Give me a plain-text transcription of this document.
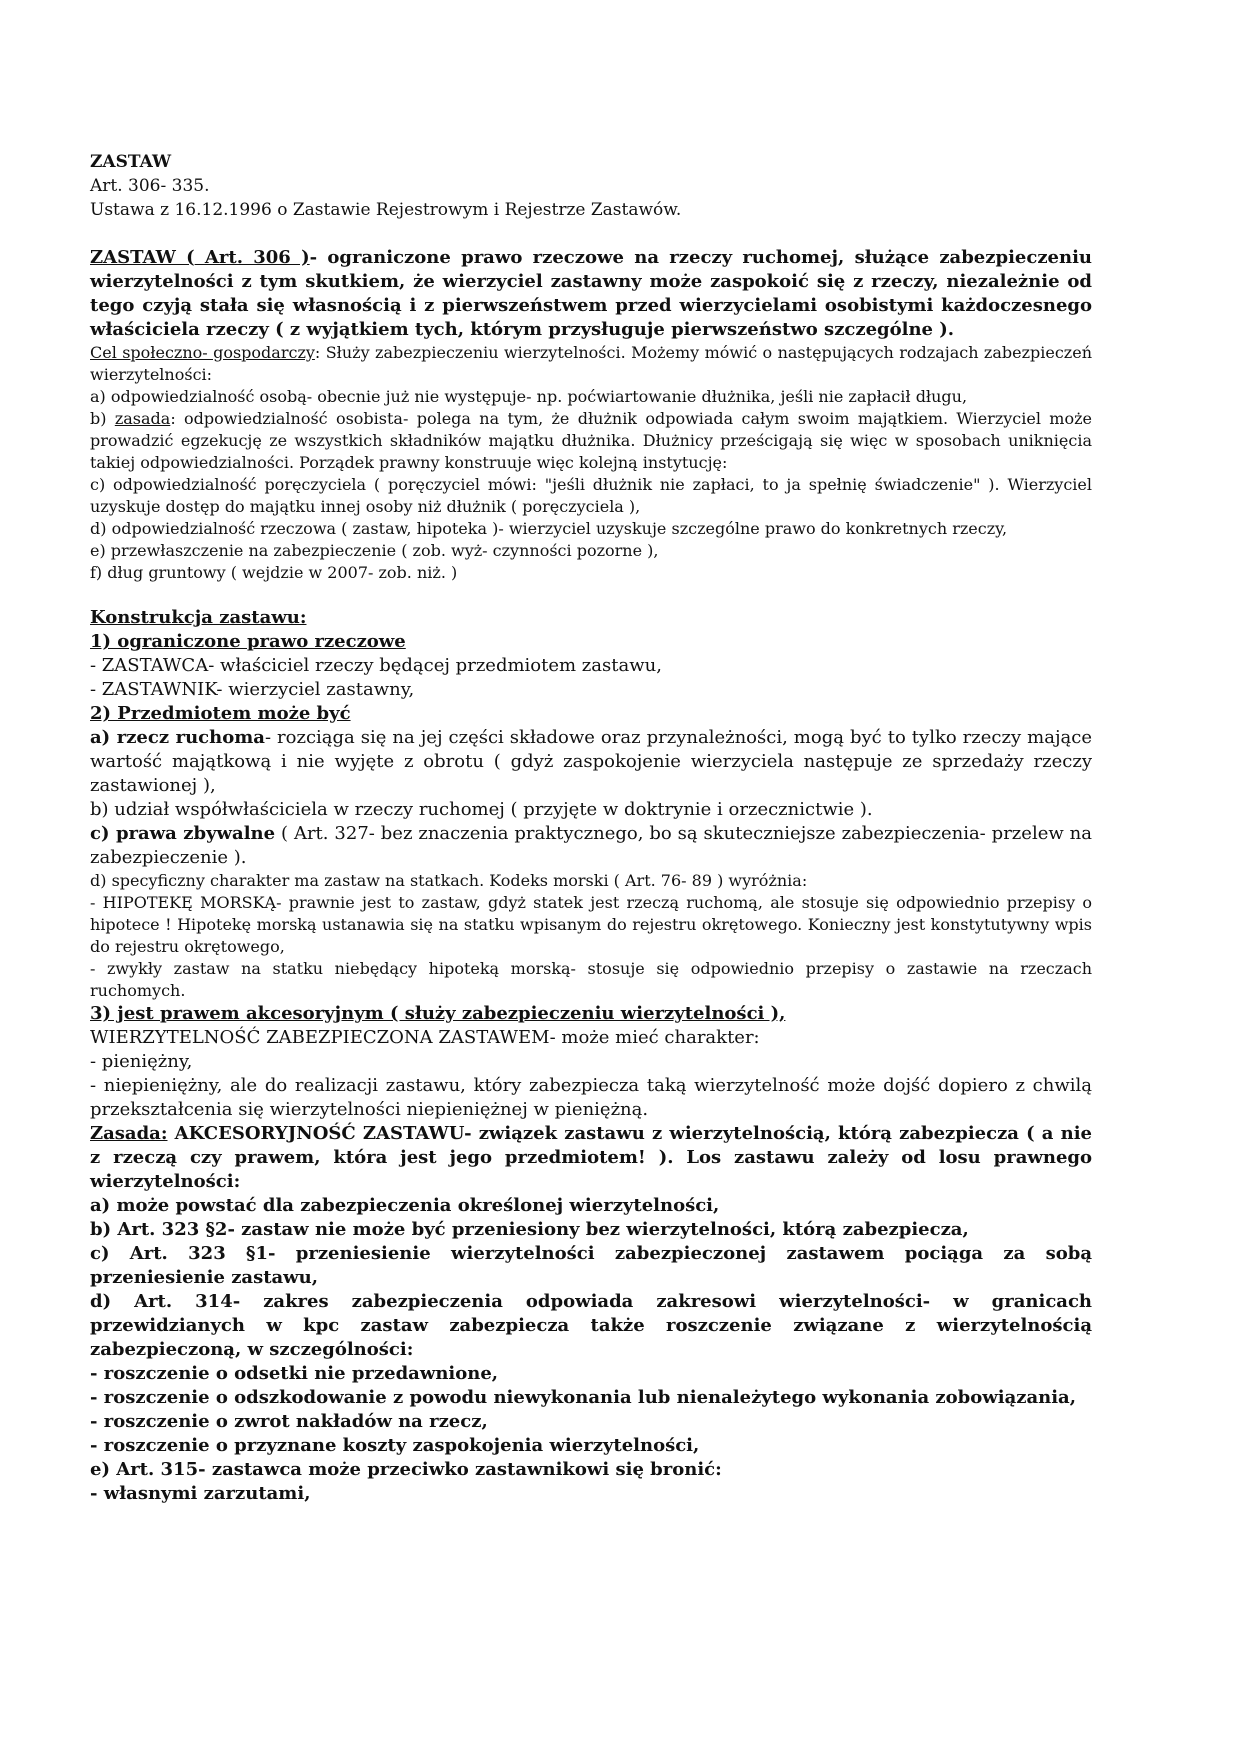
ZASTAW

Art. 306- 335.

Ustawa z 16.12.1996 o Zastawie Rejestrowym i Rejestrze Zastawów.

ZASTAW ( Art. 306 )- ograniczone prawo rzeczowe na rzeczy ruchomej, służące zabezpieczeniu wierzytelności z tym skutkiem, że wierzyciel zastawny może zaspokoić się z rzeczy, niezależnie od tego czyją stała się własnością i z pierwszeństwem przed wierzycielami osobistymi każdoczesnego właściciela rzeczy ( z wyjątkiem tych, którym przysługuje pierwszeństwo szczególne ).

Cel społeczno- gospodarczy: Służy zabezpieczeniu wierzytelności. Możemy mówić o następujących rodzajach zabezpieczeń wierzytelności:

a) odpowiedzialność osobą- obecnie już nie występuje- np. poćwiartowanie dłużnika, jeśli nie zapłacił długu,

b) zasada: odpowiedzialność osobista- polega na tym, że dłużnik odpowiada całym swoim majątkiem. Wierzyciel może prowadzić egzekucję ze wszystkich składników majątku dłużnika. Dłużnicy prześcigają się więc w sposobach uniknięcia takiej odpowiedzialności. Porządek prawny konstruuje więc kolejną instytucję:

c) odpowiedzialność poręczyciela ( poręczyciel mówi: "jeśli dłużnik nie zapłaci, to ja spełnię świadczenie" ). Wierzyciel uzyskuje dostęp do majątku innej osoby niż dłużnik ( poręczyciela ),

d) odpowiedzialność rzeczowa ( zastaw, hipoteka )- wierzyciel uzyskuje szczególne prawo do konkretnych rzeczy,

e) przewłaszczenie na zabezpieczenie ( zob. wyż- czynności pozorne ),

f) dług gruntowy ( wejdzie w 2007- zob. niż. )

Konstrukcja zastawu:

1) ograniczone prawo rzeczowe

- ZASTAWCA- właściciel rzeczy będącej przedmiotem zastawu,

- ZASTAWNIK- wierzyciel zastawny,

2) Przedmiotem może być

a) rzecz ruchoma- rozciąga się na jej części składowe oraz przynależności, mogą być to tylko rzeczy mające wartość majątkową i nie wyjęte z obrotu ( gdyż zaspokojenie wierzyciela następuje ze sprzedaży rzeczy zastawionej ),

b) udział współwłaściciela w rzeczy ruchomej ( przyjęte w doktrynie i orzecznictwie ).

c) prawa zbywalne ( Art. 327- bez znaczenia praktycznego, bo są skuteczniejsze zabezpieczenia- przelew na zabezpieczenie ).

d) specyficzny charakter ma zastaw na statkach. Kodeks morski ( Art. 76- 89 ) wyróżnia:

- HIPOTEKĘ MORSKĄ- prawnie jest to zastaw, gdyż statek jest rzeczą ruchomą, ale stosuje się odpowiednio przepisy o hipotece ! Hipotekę morską ustanawia się na statku wpisanym do rejestru okrętowego. Konieczny jest konstytutywny wpis do rejestru okrętowego,

- zwykły zastaw na statku niebędący hipoteką morską- stosuje się odpowiednio przepisy o zastawie na rzeczach ruchomych.

3) jest prawem akcesoryjnym ( służy zabezpieczeniu wierzytelności ),

WIERZYTELNOŚĆ ZABEZPIECZONA ZASTAWEM- może mieć charakter:

- pieniężny,

- niepieniężny, ale do realizacji zastawu, który zabezpiecza taką wierzytelność może dojść dopiero z chwilą przekształcenia się wierzytelności niepieniężnej w pieniężną.

Zasada: AKCESORYJNOŚĆ ZASTAWU- związek zastawu z wierzytelnością, którą zabezpiecza ( a nie z rzeczą czy prawem, która jest jego przedmiotem! ). Los zastawu zależy od losu prawnego wierzytelności:

a) może powstać dla zabezpieczenia określonej wierzytelności,

b) Art. 323 §2- zastaw nie może być przeniesiony bez wierzytelności, którą zabezpiecza,

c) Art. 323 §1- przeniesienie wierzytelności zabezpieczonej zastawem pociąga za sobą przeniesienie zastawu,

d) Art. 314- zakres zabezpieczenia odpowiada zakresowi wierzytelności- w granicach przewidzianych w kpc zastaw zabezpiecza także roszczenie związane z wierzytelnością zabezpieczoną, w szczególności:

- roszczenie o odsetki nie przedawnione,

- roszczenie o odszkodowanie z powodu niewykonania lub nienależytego wykonania zobowiązania,

- roszczenie o zwrot nakładów na rzecz,

- roszczenie o przyznane koszty zaspokojenia wierzytelności,

e) Art. 315- zastawca może przeciwko zastawnikowi się bronić:

- własnymi zarzutami,
